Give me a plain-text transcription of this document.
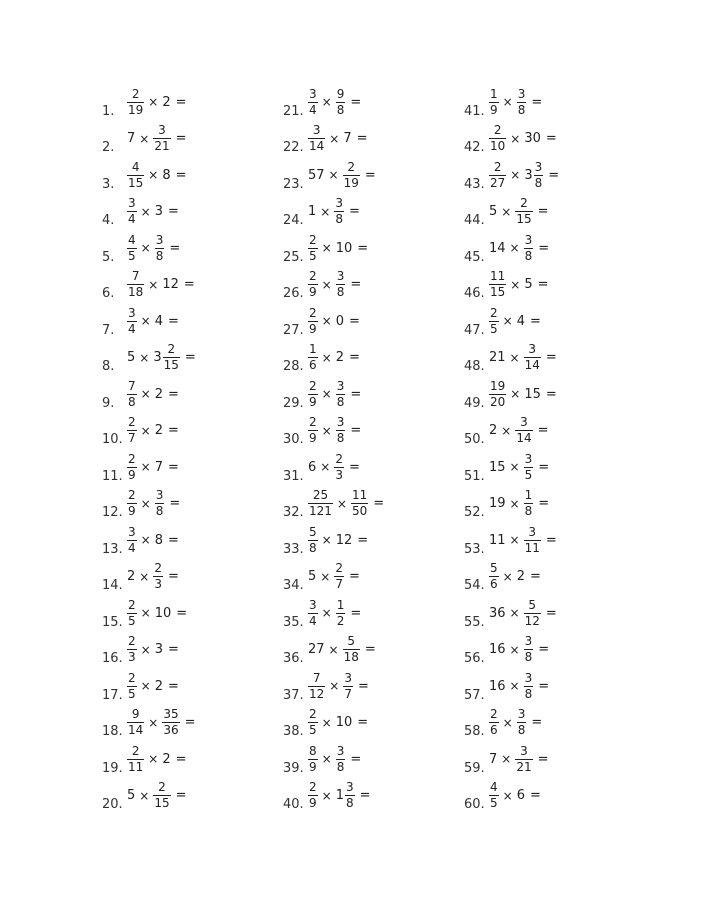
1.	$\frac{2}{19} \times 2$ =
2.
$7 \times \frac{3}{21}$ =
3.	$\frac{4}{15} \times 8$ =
4.	$\frac{3}{4} \times 3$ =
5.	$\frac{4}{5} \times \frac{3}{8}$ =
6.	$\frac{7}{18} \times 12$ =
7.	$\frac{3}{4} \times 4$ =
8.
$5 \times 3 \frac{2}{15}$ =
9.	$\frac{7}{8} \times 2$ =
10. $\frac{2}{7} \times 2$ =
11. $\frac{2}{9} \times 7$ =
12. $\frac{2}{9} \times \frac{3}{8}$ =
13. $\frac{3}{4} \times 8$ =
14.
$2 \times \frac{2}{3}$ =
15. $\frac{2}{5} \times 10$ =
16. $\frac{2}{3} \times 3$ =
17. $\frac{2}{5} \times 2$ =
18. $\frac{9}{14} \times \frac{35}{36}$ =
19. $\frac{2}{11} \times 2$ =
20.
$5 \times \frac{2}{15}$ =
21. $\frac{3}{4} \times \frac{9}{8}$ =
22. $\frac{3}{14} \times 7$ =
23.
$57 \times \frac{2}{19}$ =
24.
$1 \times \frac{3}{8}$ =
25. $\frac{2}{5} \times 10$ =
26. $\frac{2}{9} \times \frac{3}{8}$ =
27. $\frac{2}{9} \times 0$ =
28. $\frac{1}{6} \times 2$ =
29. $\frac{2}{9} \times \frac{3}{8}$ =
30. $\frac{2}{9} \times \frac{3}{8}$ =
31.
$6 \times \frac{2}{3}$ =
32. $\frac{25}{121} \times \frac{11}{50}$ =
33. $\frac{5}{8} \times 12$ =
34.
$5 \times \frac{2}{7}$ =
35. $\frac{3}{4} \times \frac{1}{2}$ =
36.
$27 \times \frac{5}{18}$ =
37. $\frac{7}{12} \times \frac{3}{7}$ =
38. $\frac{2}{5} \times 10$ =
39. $\frac{8}{9} \times \frac{3}{8}$ =
40. $\frac{2}{9} \times 1 \frac{3}{8}$ =
41. $\frac{1}{9} \times \frac{3}{8}$ =
42. $\frac{2}{10} \times 30$ =
43. $\frac{2}{27} \times 3 \frac{3}{8}$ =
44.
$5 \times \frac{2}{15}$ =
45.
$14 \times \frac{3}{8}$ =
46. $\frac{11}{15} \times 5$ =
47. $\frac{2}{5} \times 4$ =
48.
$21 \times \frac{3}{14}$ =
49. $\frac{19}{20} \times 15$ =
50.
$2 \times \frac{3}{14}$ =
51.
$15 \times \frac{3}{5}$ =
52.
$19 \times \frac{1}{8}$ =
53.
$11 \times \frac{3}{11}$ =
54. $\frac{5}{6} \times 2$ =
55.
$36 \times \frac{5}{12}$ =
56.
$16 \times \frac{3}{8}$ =
57.
$16 \times \frac{3}{8}$ =
58. $\frac{2}{6} \times \frac{3}{8}$ =
59.
$7 \times \frac{3}{21}$ =
60. $\frac{4}{5} \times 6$ =
